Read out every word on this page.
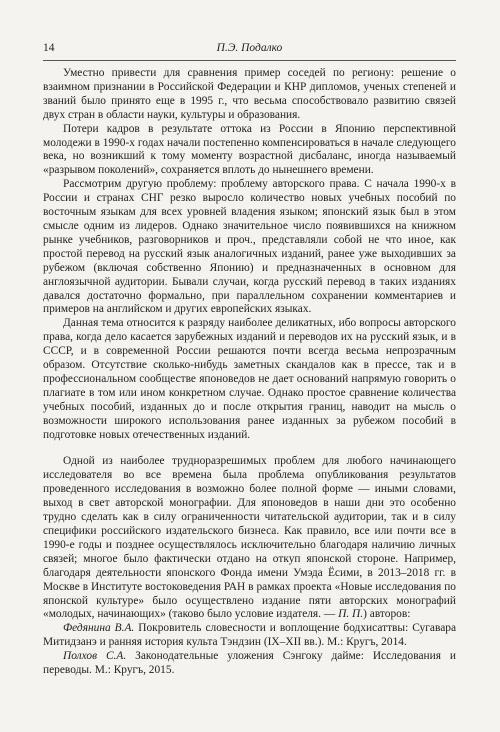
14	П.Э. Подалко

Уместно привести для сравнения пример соседей по региону: решение о взаимном признании в Российской Федерации и КНР дипломов, ученых степеней и званий было принято еще в 1995 г., что весьма способствовало развитию связей двух стран в области науки, культуры и образования.

Потери кадров в результате оттока из России в Японию перспективной молодежи в 1990-х годах начали постепенно компенсироваться в начале следующего века, но возникший к тому моменту возрастной дисбаланс, иногда называемый «разрывом поколений», сохраняется вплоть до нынешнего времени.

Рассмотрим другую проблему: проблему авторского права. С начала 1990-х в России и странах СНГ резко выросло количество новых учебных пособий по восточным языкам для всех уровней владения языком; японский язык был в этом смысле одним из лидеров. Однако значительное число появившихся на книжном рынке учебников, разговорников и проч., представляли собой не что иное, как простой перевод на русский язык аналогичных изданий, ранее уже выходивших за рубежом (включая собственно Японию) и предназначенных в основном для англоязычной аудитории. Бывали случаи, когда русский перевод в таких изданиях давался достаточно формально, при параллельном сохранении комментариев и примеров на английском и других европейских языках.

Данная тема относится к разряду наиболее деликатных, ибо вопросы авторского права, когда дело касается зарубежных изданий и переводов их на русский язык, и в СССР, и в современной России решаются почти всегда весьма непрозрачным образом. Отсутствие сколько-нибудь заметных скандалов как в прессе, так и в профессиональном сообществе японоведов не дает оснований напрямую говорить о плагиате в том или ином конкретном случае. Однако простое сравнение количества учебных пособий, изданных до и после открытия границ, наводит на мысль о возможности широкого использования ранее изданных за рубежом пособий в подготовке новых отечественных изданий.

Одной из наиболее трудноразрешимых проблем для любого начинающего исследователя во все времена была проблема опубликования результатов проведенного исследования в возможно более полной форме — иными словами, выход в свет авторской монографии. Для японоведов в наши дни это особенно трудно сделать как в силу ограниченности читательской аудитории, так и в силу специфики российского издательского бизнеса. Как правило, все или почти все в 1990-е годы и позднее осуществлялось исключительно благодаря наличию личных связей; многое было фактически отдано на откуп японской стороне. Например, благодаря деятельности японского Фонда имени Умэда Ёсими, в 2013–2018 гг. в Москве в Институте востоковедения РАН в рамках проекта «Новые исследования по японской культуре» было осуществлено издание пяти авторских монографий «молодых, начинающих» (таково было условие издателя. — П. П.) авторов:

Федянина В.А. Покровитель словесности и воплощение бодхисаттвы: Сугавара Митидзанэ и ранняя история культа Тэндзин (IX–XII вв.). М.: Кругъ, 2014.

Полхов С.А. Законодательные уложения Сэнгоку дайме: Исследования и переводы. М.: Кругъ, 2015.
